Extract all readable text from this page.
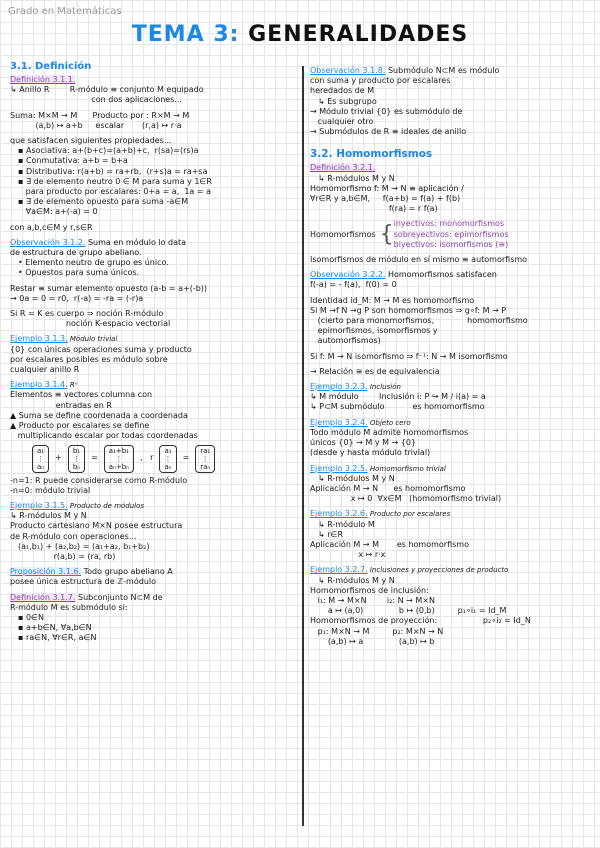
Grado en Matemáticas
TEMA 3: GENERALIDADES
3.1. Definición
Definición 3.1.1.

↳ Anillo R        R-módulo ≡ conjunto M equipado

con dos aplicaciones...

Suma: M×M → M      Producto por : R×M → M

(a,b) ↦ a+b     escalar       (r,a) ↦ r·a

que satisfacen siguientes propiedades...

▪ Asociativa: a+(b+c)=(a+b)+c,  r(sa)=(rs)a

▪ Conmutativa: a+b = b+a

▪ Distributiva: r(a+b) = ra+rb,  (r+s)a = ra+sa

▪ ∃ de elemento neutro 0 ∈ M para suma y 1∈R

para producto por escalares: 0+a = a,  1a = a

▪ ∃ de elemento opuesto para suma -a∈M

∀a∈M: a+(-a) = 0

con a,b,c∈M y r,s∈R

Observación 3.1.2. Suma en módulo lo data

de estructura de grupo abeliano.

• Elemento neutro de grupo es único.

• Opuestos para suma únicos.

Restar ≡ sumar elemento opuesto (a-b = a+(-b))

→ 0a = 0 = r0,  r(-a) = -ra = (-r)a

Si R = K es cuerpo ⇒ noción R-módulo

noción K-espacio vectorial

Ejemplo 3.1.3. Módulo trivial

{0} con únicas operaciones suma y producto

por escalares posibles es módulo sobre

cualquier anillo R

Ejemplo 3.1.4. Rⁿ

Elementos ≡ vectores columna con

entradas en R

▲ Suma se define coordenada a coordenada

▲ Producto por escalares se define

multiplicando escalar por todas coordenadas

a₁
⋮
aₙ
+
b₁
⋮
bₙ
=
a₁+b₁
⋮
aₙ+bₙ
,   r
a₁
⋮
aₙ
=
ra₁
⋮
raₙ

-n=1: R puede considerarse como R-módulo

-n=0: módulo trivial

Ejemplo 3.1.5. Producto de módulos

↳ R-módulos M y N

Producto cartesiano M×N posee estructura

de R-módulo con operaciones...

(a₁,b₁) + (a₂,b₂) = (a₁+a₂, b₁+b₂)

r(a,b) = (ra, rb)

Proposición 3.1.6. Todo grupo abeliano A

posee única estructura de ℤ-módulo

Definición 3.1.7. Subconjunto N⊂M de

R-módulo M es submódulo si:

▪ 0∈N

▪ a+b∈N, ∀a,b∈N

▪ ra∈N, ∀r∈R, a∈N

Observación 3.1.8. Submódulo N⊂M es módulo

con suma y producto por escalares

heredados de M

↳ Es subgrupo

→ Módulo trivial {0} es submódulo de

cualquier otro

→ Submódulos de R ≡ ideales de anillo

3.2. Homomorfismos
Definición 3.2.1.

↳ R-módulos M y N

Homomorfismo f: M → N ≡ aplicación /

∀r∈R y a,b∈M,     f(a+b) = f(a) + f(b)

f(ra) = r f(a)

Homomorfismos { inyectivos: monomorfismos

sobreyectivos: epimorfismos

biyectivos: isomorfismos (≅)

Isomorfismos de módulo en sí mismo ≡ automorfismo

Observación 3.2.2. Homomorfismos satisfacen

f(-a) = - f(a),  f(0) = 0

Identidad id_M: M → M es homomorfismo

Si M →f N →g P son homomorfismos ⇒ g∘f: M → P

(cierto para monomorfismos,             homomorfismo

epimorfismos, isomorfismos y

automorfismos)

Si f: M → N isomorfismo ⇒ f⁻¹: N → M isomorfismo

→ Relación ≅ es de equivalencia

Ejemplo 3.2.3. Inclusión

↳ M módulo        Inclusión i: P ↪ M / i(a) = a

↳ P⊂M submódulo           es homomorfismo

Ejemplo 3.2.4. Objeto cero

Todo módulo M admite homomorfismos

únicos {0} → M y M → {0}

(desde y hasta módulo trivial)

Ejemplo 3.2.5. Homomorfismo trivial

↳ R-módulos M y N

Aplicación M → N      es homomorfismo

x ↦ 0  ∀x∈M   (homomorfismo trivial)

Ejemplo 3.2.6. Producto por escalares

↳ R-módulo M

↳ r∈R

Aplicación M → M       es homomorfismo

x ↦ r·x

Ejemplo 3.2.7. Inclusiones y proyecciones de producto

↳ R-módulos M y N

Homomorfismos de inclusión:

i₁: M → M×N        i₂: N → M×N

a ↦ (a,0)              b ↦ (0,b)         p₁∘i₁ = Id_M

Homomorfismos de proyección:                  p₂∘i₂ = Id_N

p₁: M×N → M         p₂: M×N → N

(a,b) ↦ a              (a,b) ↦ b
